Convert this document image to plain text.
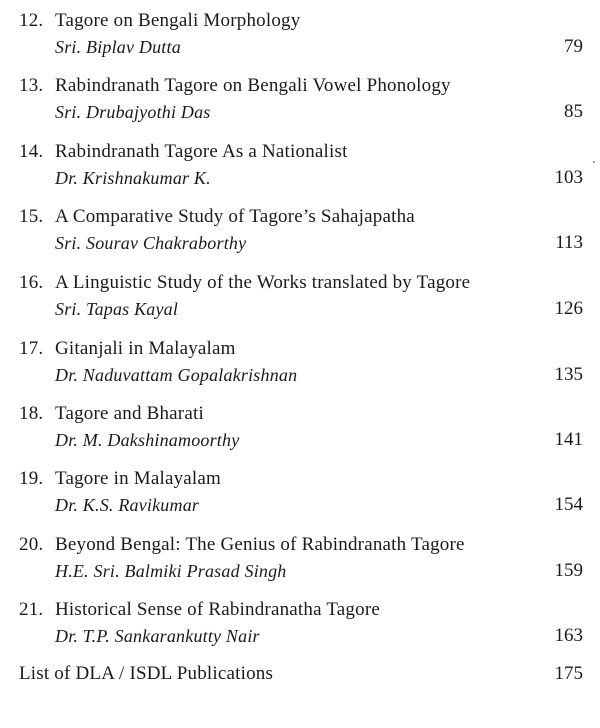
12. Tagore on Bengali Morphology
Sri. Biplav Dutta	79
13. Rabindranath Tagore on Bengali Vowel Phonology
Sri. Drubajyothi Das	85
14. Rabindranath Tagore As a Nationalist
Dr. Krishnakumar K.	103
15. A Comparative Study of Tagore’s Sahajapatha
Sri. Sourav Chakraborthy	113
16. A Linguistic Study of the Works translated by Tagore
Sri. Tapas Kayal	126
17. Gitanjali in Malayalam
Dr. Naduvattam Gopalakrishnan	135
18. Tagore and Bharati
Dr. M. Dakshinamoorthy	141
19. Tagore in Malayalam
Dr. K.S. Ravikumar	154
20. Beyond Bengal: The Genius of Rabindranath Tagore
H.E. Sri. Balmiki Prasad Singh	159
21. Historical Sense of Rabindranatha Tagore
Dr. T.P. Sankarankutty Nair	163
List of DLA / ISDL Publications	175
